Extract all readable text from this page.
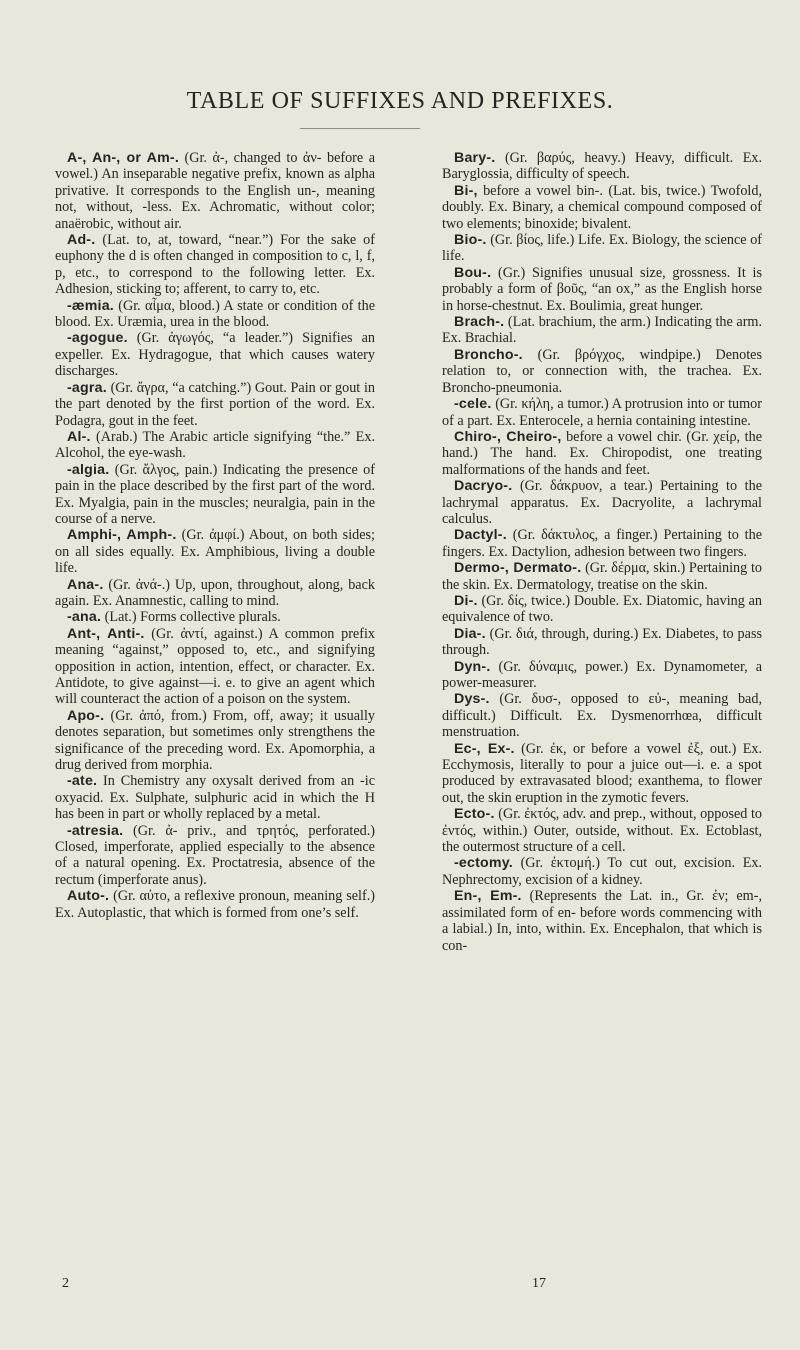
TABLE OF SUFFIXES AND PREFIXES.

A-, An-, or Am-. (Gr. ἀ-, changed to ἀν- before a vowel.) An inseparable negative prefix, known as alpha privative. It corresponds to the English un-, meaning not, without, -less. Ex. Achromatic, without color; anaërobic, without air.

Ad-. (Lat. to, at, toward, “near.”) For the sake of euphony the d is often changed in composition to c, l, f, p, etc., to correspond to the following letter. Ex. Adhesion, sticking to; afferent, to carry to, etc.

-æmia. (Gr. αἷμα, blood.) A state or condition of the blood. Ex. Uræmia, urea in the blood.

-agogue. (Gr. ἀγωγός, “a leader.”) Signifies an expeller. Ex. Hydragogue, that which causes watery discharges.

-agra. (Gr. ἄγρα, “a catching.”) Gout. Pain or gout in the part denoted by the first portion of the word. Ex. Podagra, gout in the feet.

Al-. (Arab.) The Arabic article signifying “the.” Ex. Alcohol, the eye-wash.

-algia. (Gr. ἄλγος, pain.) Indicating the presence of pain in the place described by the first part of the word. Ex. Myalgia, pain in the muscles; neuralgia, pain in the course of a nerve.

Amphi-, Amph-. (Gr. ἀμφί.) About, on both sides; on all sides equally. Ex. Amphibious, living a double life.

Ana-. (Gr. ἀνά-.) Up, upon, throughout, along, back again. Ex. Anamnestic, calling to mind.

-ana. (Lat.) Forms collective plurals.

Ant-, Anti-. (Gr. ἀντί, against.) A common prefix meaning “against,” opposed to, etc., and signifying opposition in action, intention, effect, or character. Ex. Antidote, to give against—i. e. to give an agent which will counteract the action of a poison on the system.

Apo-. (Gr. ἀπό, from.) From, off, away; it usually denotes separation, but sometimes only strengthens the significance of the preceding word. Ex. Apomorphia, a drug derived from morphia.

-ate. In Chemistry any oxysalt derived from an -ic oxyacid. Ex. Sulphate, sulphuric acid in which the H has been in part or wholly replaced by a metal.

-atresia. (Gr. ἀ- priv., and τρητός, perforated.) Closed, imperforate, applied especially to the absence of a natural opening. Ex. Proctatresia, absence of the rectum (imperforate anus).

Auto-. (Gr. αὐτο, a reflexive pronoun, meaning self.) Ex. Autoplastic, that which is formed from one’s self.

Bary-. (Gr. βαρύς, heavy.) Heavy, difficult. Ex. Baryglossia, difficulty of speech.

Bi-, before a vowel bin-. (Lat. bis, twice.) Twofold, doubly. Ex. Binary, a chemical compound composed of two elements; binoxide; bivalent.

Bio-. (Gr. βίος, life.) Life. Ex. Biology, the science of life.

Bou-. (Gr.) Signifies unusual size, grossness. It is probably a form of βοῦς, “an ox,” as the English horse in horse-chestnut. Ex. Boulimia, great hunger.

Brach-. (Lat. brachium, the arm.) Indicating the arm. Ex. Brachial.

Broncho-. (Gr. βρόγχος, windpipe.) Denotes relation to, or connection with, the trachea. Ex. Broncho-pneumonia.

-cele. (Gr. κήλη, a tumor.) A protrusion into or tumor of a part. Ex. Enterocele, a hernia containing intestine.

Chiro-, Cheiro-, before a vowel chir. (Gr. χείρ, the hand.) The hand. Ex. Chiropodist, one treating malformations of the hands and feet.

Dacryo-. (Gr. δάκρυον, a tear.) Pertaining to the lachrymal apparatus. Ex. Dacryolite, a lachrymal calculus.

Dactyl-. (Gr. δάκτυλος, a finger.) Pertaining to the fingers. Ex. Dactylion, adhesion between two fingers.

Dermo-, Dermato-. (Gr. δέρμα, skin.) Pertaining to the skin. Ex. Dermatology, treatise on the skin.

Di-. (Gr. δίς, twice.) Double. Ex. Diatomic, having an equivalence of two.

Dia-. (Gr. διά, through, during.) Ex. Diabetes, to pass through.

Dyn-. (Gr. δύναμις, power.) Ex. Dynamometer, a power-measurer.

Dys-. (Gr. δυσ-, opposed to εὐ-, meaning bad, difficult.) Difficult. Ex. Dysmenorrhœa, difficult menstruation.

Ec-, Ex-. (Gr. ἐκ, or before a vowel ἐξ, out.) Ex. Ecchymosis, literally to pour a juice out—i. e. a spot produced by extravasated blood; exanthema, to flower out, the skin eruption in the zymotic fevers.

Ecto-. (Gr. ἐκτός, adv. and prep., without, opposed to ἐντός, within.) Outer, outside, without. Ex. Ectoblast, the outermost structure of a cell.

-ectomy. (Gr. ἐκτομή.) To cut out, excision. Ex. Nephrectomy, excision of a kidney.

En-, Em-. (Represents the Lat. in., Gr. ἐν; em-, assimilated form of en- before words commencing with a labial.) In, into, within. Ex. Encephalon, that which is con-

2	17
